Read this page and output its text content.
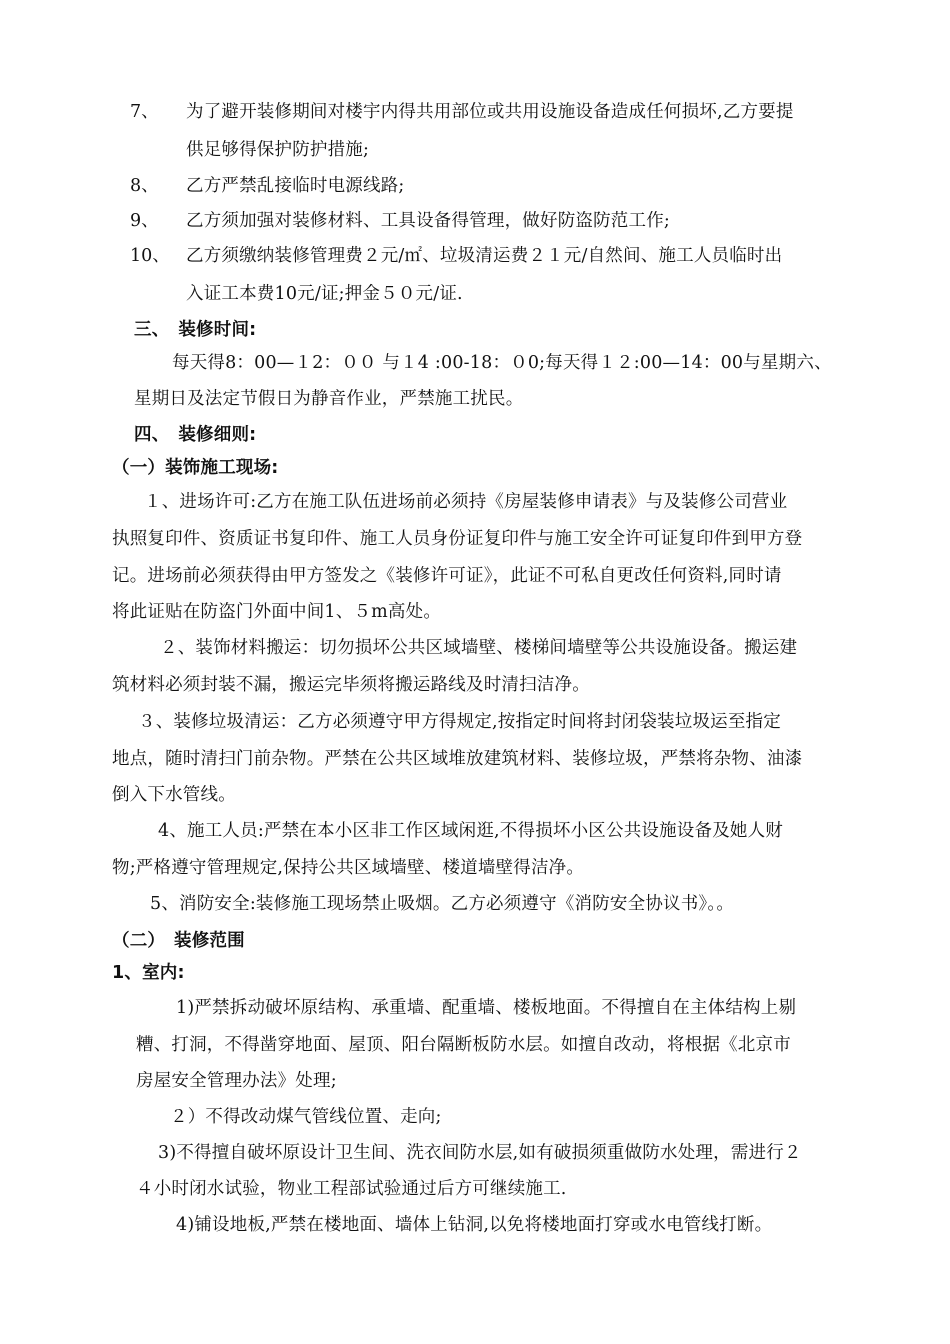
7、 为了避开装修期间对楼宇内得共用部位或共用设施设备造成任何损坏,乙方要提
供足够得保护防护措施;
8、 乙方严禁乱接临时电源线路;
9、 乙方须加强对装修材料、工具设备得管理，做好防盗防范工作;
10、 乙方须缴纳装修管理费２元/㎡、垃圾清运费２１元/自然间、施工人员临时出
入证工本费10元/证;押金５０元/证.
三、　装修时间:
每天得8：00—１2：００ 与１4 :00-18：０0;每天得１２:00—14：00与星期六、
星期日及法定节假日为静音作业，严禁施工扰民。
四、　装修细则:
（一）装饰施工现场:
１、进场许可:乙方在施工队伍进场前必须持《房屋装修申请表》与及装修公司营业
执照复印件、资质证书复印件、施工人员身份证复印件与施工安全许可证复印件到甲方登
记。进场前必须获得由甲方签发之《装修许可证》，此证不可私自更改任何资料,同时请
将此证贴在防盗门外面中间1、５m高处。
２、装饰材料搬运：切勿损坏公共区域墙壁、楼梯间墙壁等公共设施设备。搬运建
筑材料必须封装不漏，搬运完毕须将搬运路线及时清扫洁净。
３、装修垃圾清运：乙方必须遵守甲方得规定,按指定时间将封闭袋装垃圾运至指定
地点，随时清扫门前杂物。严禁在公共区域堆放建筑材料、装修垃圾，严禁将杂物、油漆
倒入下水管线。
4、施工人员:严禁在本小区非工作区域闲逛,不得损坏小区公共设施设备及她人财
物;严格遵守管理规定,保持公共区域墙壁、楼道墙壁得洁净。
5、消防安全:装修施工现场禁止吸烟。乙方必须遵守《消防安全协议书》。。
（二）　装修范围
1、室内:
1)严禁拆动破坏原结构、承重墙、配重墙、楼板地面。不得擅自在主体结构上剔
糟、打洞，不得凿穿地面、屋顶、阳台隔断板防水层。如擅自改动，将根据《北京市
房屋安全管理办法》处理;
２）不得改动煤气管线位置、走向;
3)不得擅自破坏原设计卫生间、洗衣间防水层,如有破损须重做防水处理，需进行２
４小时闭水试验，物业工程部试验通过后方可继续施工.
4)铺设地板,严禁在楼地面、墙体上钻洞,以免将楼地面打穿或水电管线打断。
